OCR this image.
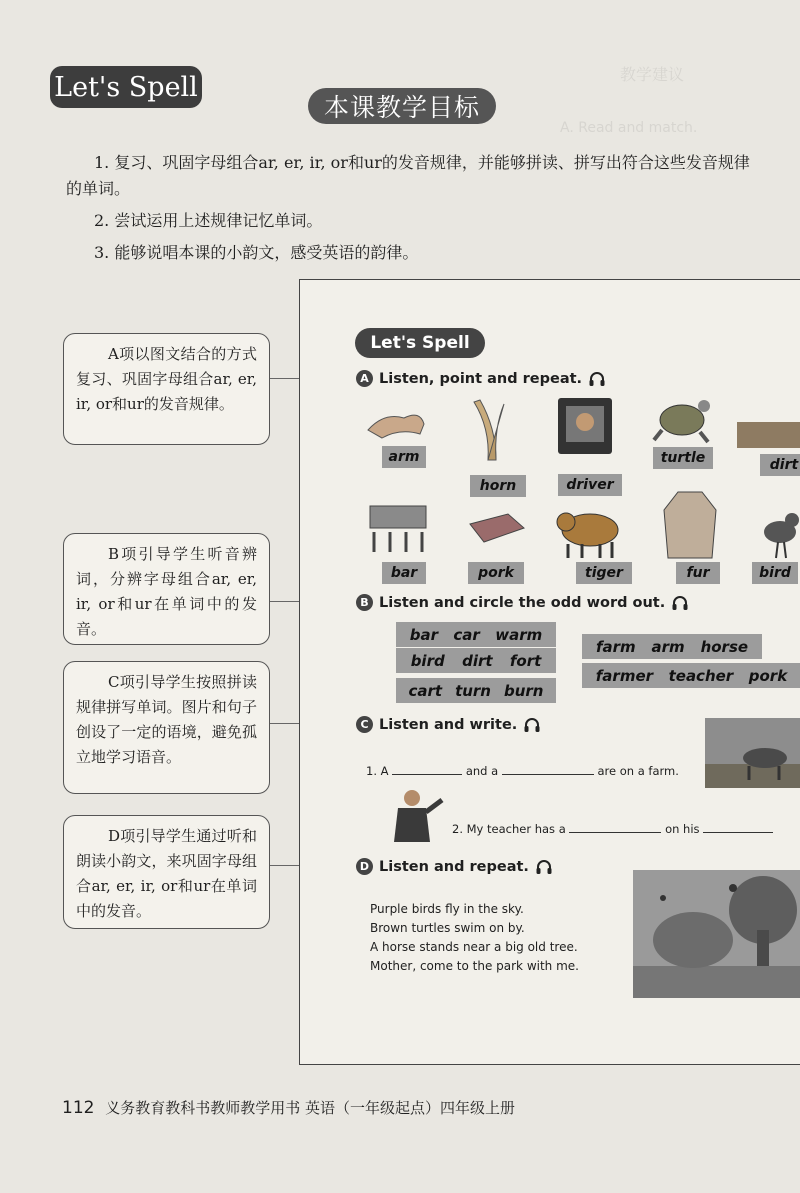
教学建议
A. Read and match.
Let's Spell
本课教学目标

1. 复习、巩固字母组合ar, er, ir, or和ur的发音规律，并能够拼读、拼写出符合这些发音规律的单词。

2. 尝试运用上述规律记忆单词。

3. 能够说唱本课的小韵文，感受英语的韵律。

A项以图文结合的方式复习、巩固字母组合ar, er, ir, or和ur的发音规律。
B项引导学生听音辨词，分辨字母组合ar, er, ir, or和ur在单词中的发音。
C项引导学生按照拼读规律拼写单词。图片和句子创设了一定的语境，避免孤立地学习语音。
D项引导学生通过听和朗读小韵文，来巩固字母组合ar, er, ir, or和ur在单词中的发音。
Let's Spell
A Listen, point and repeat.
arm
horn	driver
turtle	dirt
bar	pork	tiger	fur	bird
B Listen and circle the odd word out.
bar car warm
bird dirt fort
cart turn burn
farm arm horse
farmer teacher pork
C Listen and write.
1. A	and a	are on a farm.
2. My teacher has a	on his
D Listen and repeat.
Purple birds fly in the sky.
Brown turtles swim on by.
A horse stands near a big old tree.
Mother, come to the park with me.
112 义务教育教科书教师教学用书 英语（一年级起点）四年级上册
